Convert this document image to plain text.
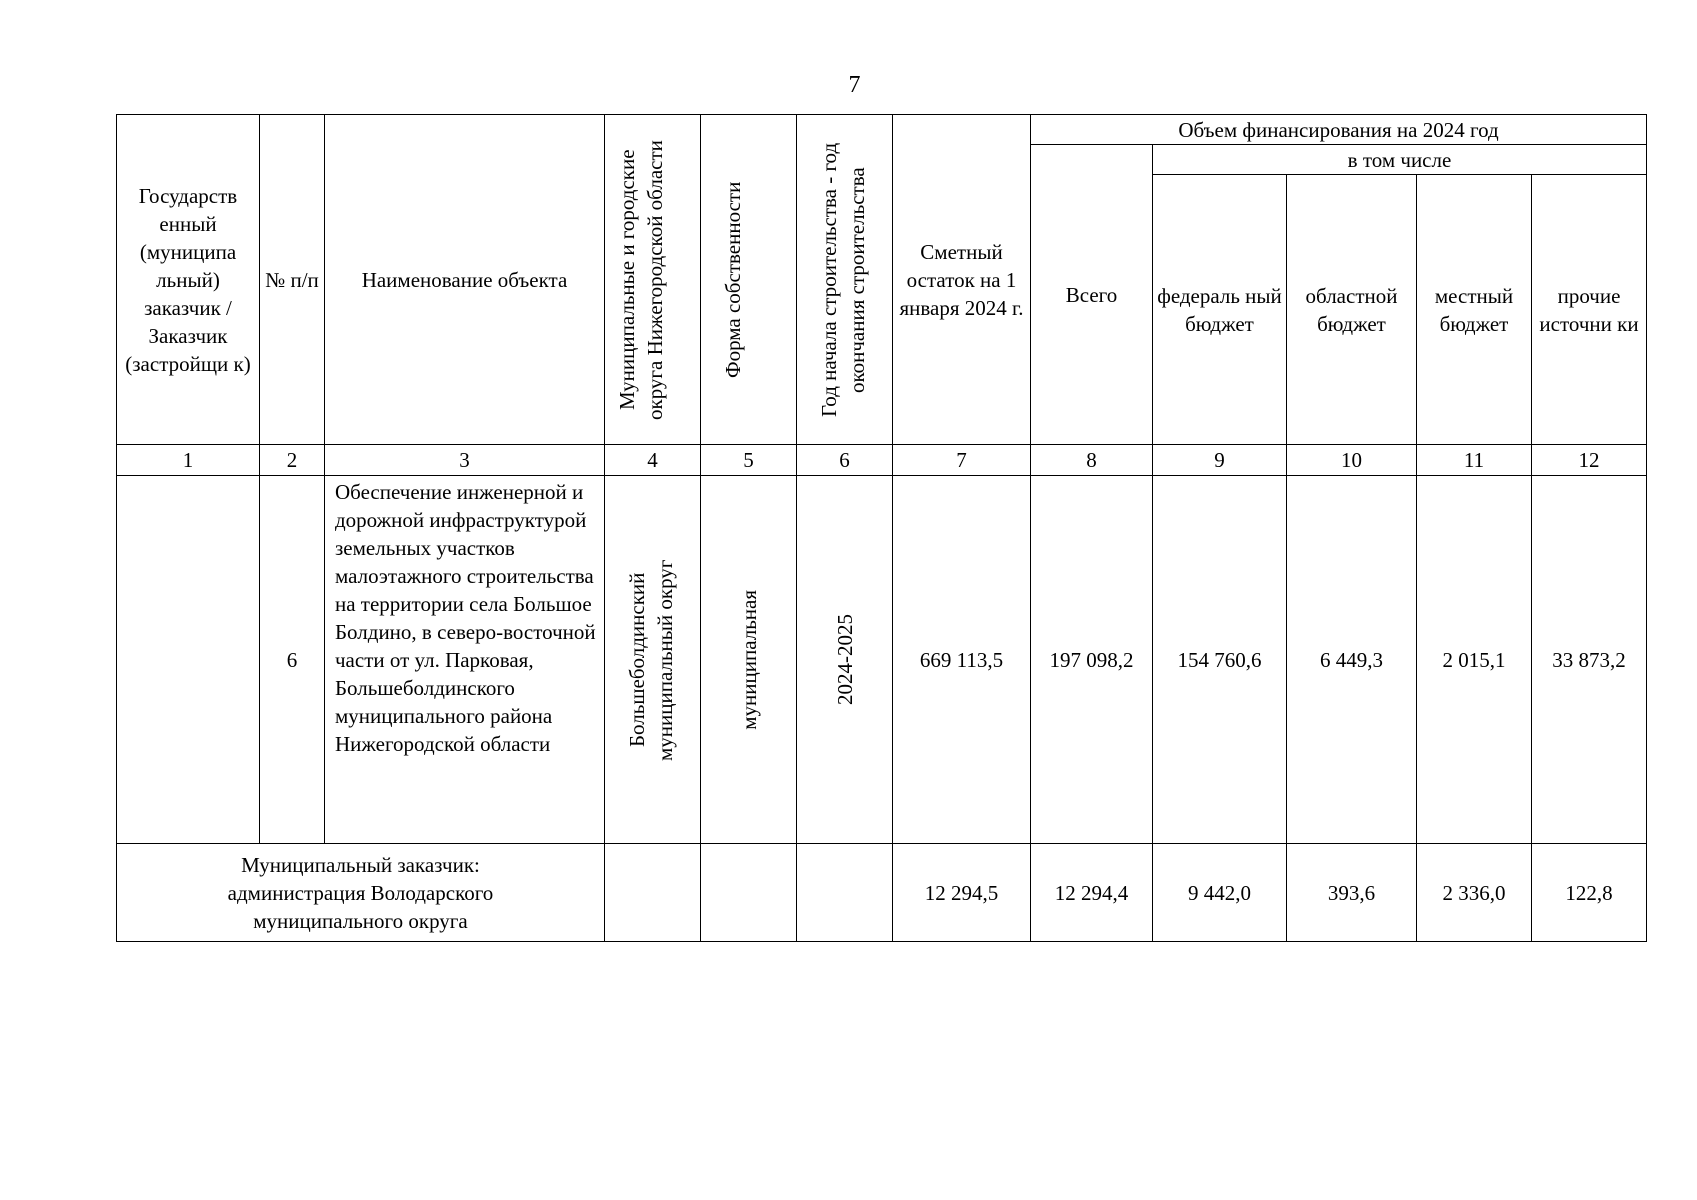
7
Государств енный (муниципа льный) заказчик / Заказчик (застройщи к)	№ п/п	Наименование объекта	Муниципальные и городские округа Нижегородской области	Форма собственности	Год начала строительства - год окончания строительства	Сметный остаток на 1 января 2024 г.	Объем финансирования на 2024 год				
							Всего	в том числе			
								федераль ный бюджет	областной бюджет	местный бюджет	прочие источни ки
1	2	3	4	5	6	7	8	9	10	11	12
	6	Обеспечение инженерной и дорожной инфраструктурой земельных участков малоэтажного строительства на территории села Большое Болдино, в северо-восточной части от ул. Парковая, Большеболдинского муниципального района Нижегородской области	Большеболдинский муниципальный округ	муниципальная	2024-2025	669 113,5	197 098,2	154 760,6	6 449,3	2 015,1	33 873,2
Муниципальный заказчик: администрация Володарского муниципального округа						12 294,5	12 294,4	9 442,0	393,6	2 336,0	122,8
